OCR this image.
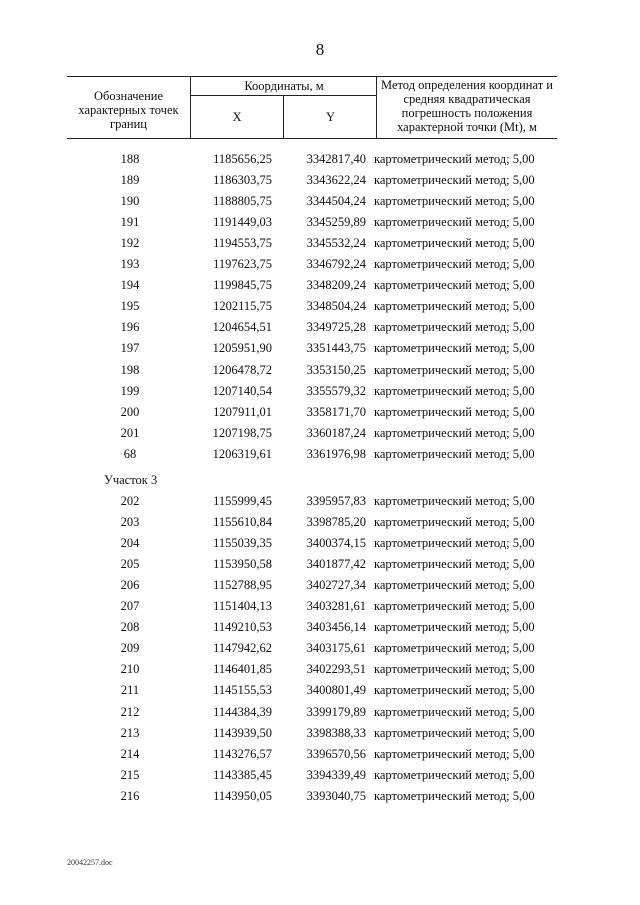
8
Обозначение характерных точек границ
Координаты, м
X	Y
Метод определения координат и средняя квадратическая погрешность положения характерной точки (Mt), м
188	1185656,25	3342817,40 картометрический метод; 5,00
189	1186303,75	3343622,24 картометрический метод; 5,00
190	1188805,75	3344504,24 картометрический метод; 5,00
191	1191449,03	3345259,89 картометрический метод; 5,00
192	1194553,75	3345532,24 картометрический метод; 5,00
193	1197623,75	3346792,24 картометрический метод; 5,00
194	1199845,75	3348209,24 картометрический метод; 5,00
195	1202115,75	3348504,24 картометрический метод; 5,00
196	1204654,51	3349725,28 картометрический метод; 5,00
197	1205951,90	3351443,75 картометрический метод; 5,00
198	1206478,72	3353150,25 картометрический метод; 5,00
199	1207140,54	3355579,32 картометрический метод; 5,00
200	1207911,01	3358171,70 картометрический метод; 5,00
201	1207198,75	3360187,24 картометрический метод; 5,00
68	1206319,61	3361976,98 картометрический метод; 5,00
Участок 3
202	1155999,45	3395957,83 картометрический метод; 5,00
203	1155610,84	3398785,20 картометрический метод; 5,00
204	1155039,35	3400374,15 картометрический метод; 5,00
205	1153950,58	3401877,42 картометрический метод; 5,00
206	1152788,95	3402727,34 картометрический метод; 5,00
207	1151404,13	3403281,61 картометрический метод; 5,00
208	1149210,53	3403456,14 картометрический метод; 5,00
209	1147942,62	3403175,61 картометрический метод; 5,00
210	1146401,85	3402293,51 картометрический метод; 5,00
211	1145155,53	3400801,49 картометрический метод; 5,00
212	1144384,39	3399179,89 картометрический метод; 5,00
213	1143939,50	3398388,33 картометрический метод; 5,00
214	1143276,57	3396570,56 картометрический метод; 5,00
215	1143385,45	3394339,49 картометрический метод; 5,00
216	1143950,05	3393040,75 картометрический метод; 5,00
20042257.doc
